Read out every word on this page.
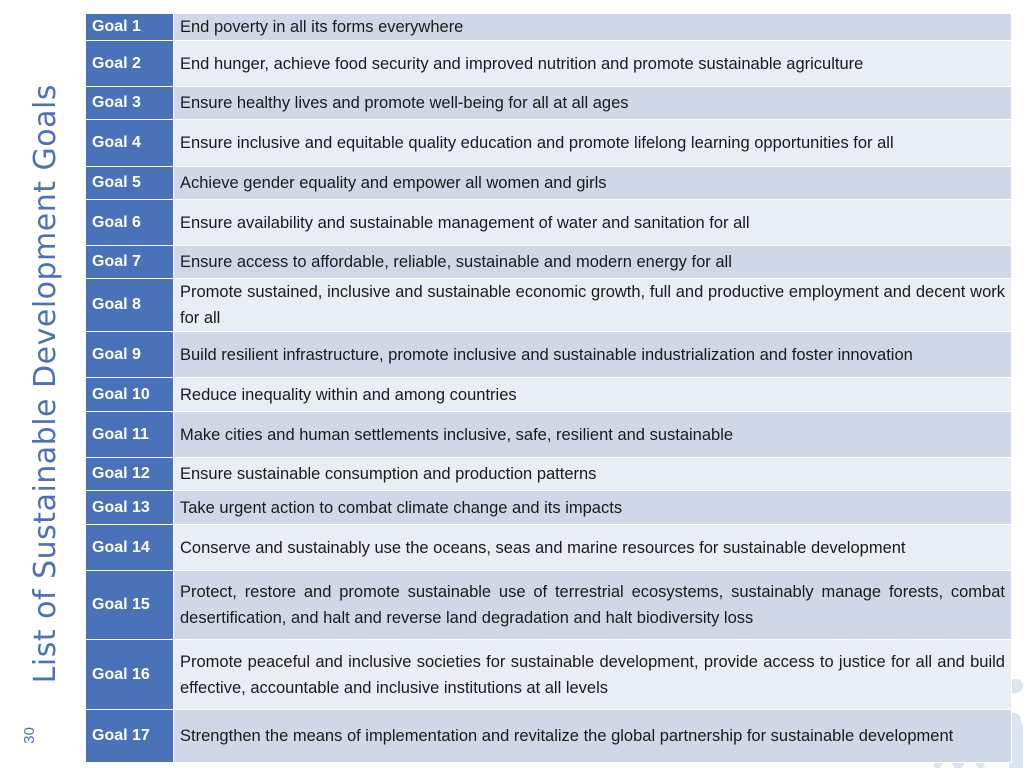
List of Sustainable Development Goals
30
Goal 1	End poverty in all its forms everywhere
Goal 2	End hunger, achieve food security and improved nutrition and promote sustainable agriculture
Goal 3	Ensure healthy lives and promote well-being for all at all ages
Goal 4	Ensure inclusive and equitable quality education and promote lifelong learning opportunities for all
Goal 5	Achieve gender equality and empower all women and girls
Goal 6	Ensure availability and sustainable management of water and sanitation for all
Goal 7	Ensure access to affordable, reliable, sustainable and modern energy for all
Goal 8	Promote sustained, inclusive and sustainable economic growth, full and productive employment and decent work for all
Goal 9	Build resilient infrastructure, promote inclusive and sustainable industrialization and foster innovation
Goal 10	Reduce inequality within and among countries
Goal 11	Make cities and human settlements inclusive, safe, resilient and sustainable
Goal 12	Ensure sustainable consumption and production patterns
Goal 13	Take urgent action to combat climate change and its impacts
Goal 14	Conserve and sustainably use the oceans, seas and marine resources for sustainable development
Goal 15	Protect, restore and promote sustainable use of terrestrial ecosystems, sustainably manage forests, combat desertification, and halt and reverse land degradation and halt biodiversity loss
Goal 16	Promote peaceful and inclusive societies for sustainable development, provide access to justice for all and build effective, accountable and inclusive institutions at all levels
Goal 17	Strengthen the means of implementation and revitalize the global partnership for sustainable development
